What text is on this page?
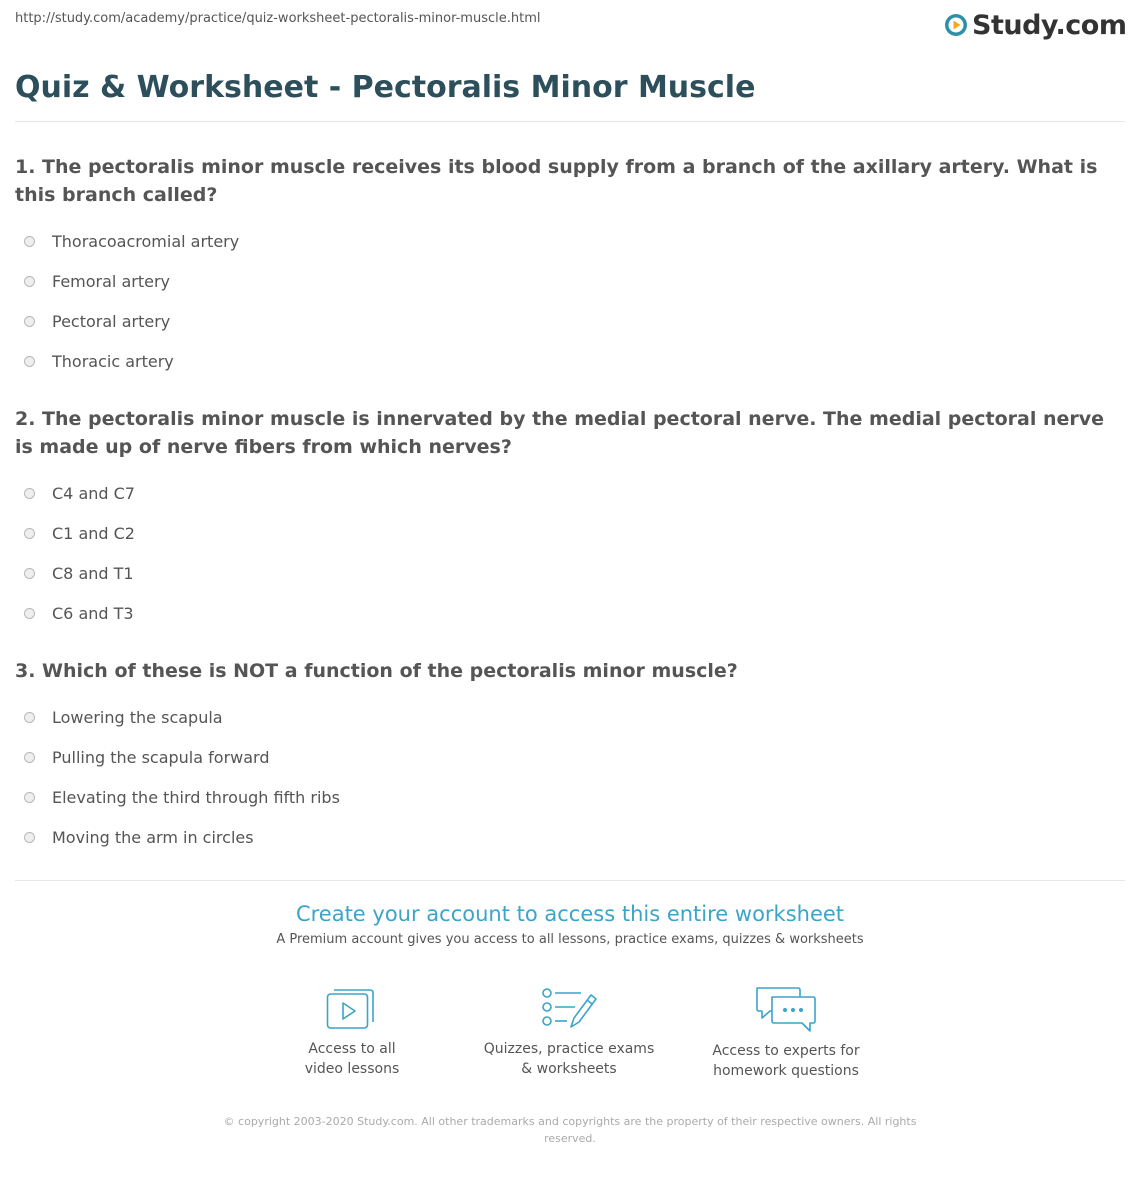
http://study.com/academy/practice/quiz-worksheet-pectoralis-minor-muscle.html	Study.com
Quiz & Worksheet - Pectoralis Minor Muscle

1. The pectoralis minor muscle receives its blood supply from a branch of the axillary artery. What is this branch called?

Thoracoacromial artery
Femoral artery
Pectoral artery
Thoracic artery

2. The pectoralis minor muscle is innervated by the medial pectoral nerve. The medial pectoral nerve is made up of nerve fibers from which nerves?

C4 and C7
C1 and C2
C8 and T1
C6 and T3

3. Which of these is NOT a function of the pectoralis minor muscle?

Lowering the scapula
Pulling the scapula forward
Elevating the third through fifth ribs
Moving the arm in circles
Create your account to access this entire worksheet

A Premium account gives you access to all lessons, practice exams, quizzes & worksheets

Access to all
video lessons
Quizzes, practice exams
& worksheets
Access to experts for
homework questions
© copyright 2003-2020 Study.com. All other trademarks and copyrights are the property of their respective owners. All rights reserved.
